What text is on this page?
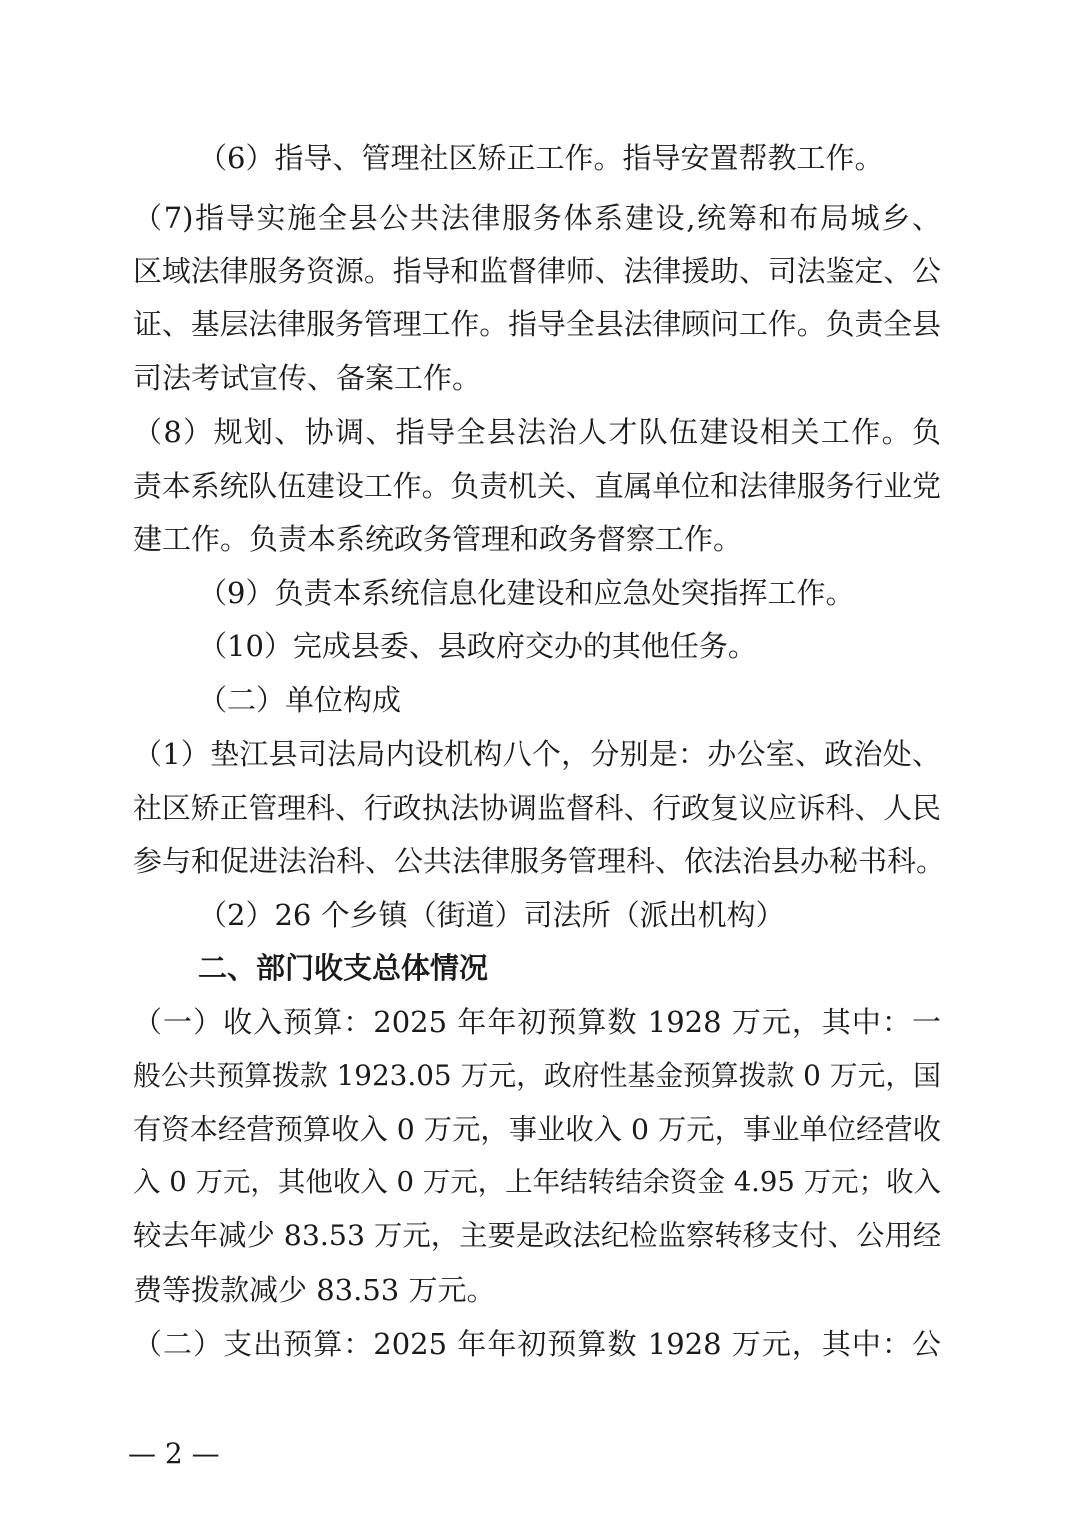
（6）指导、管理社区矫正工作。指导安置帮教工作。
（7)指导实施全县公共法律服务体系建设,统筹和布局城乡、
区域法律服务资源。指导和监督律师、法律援助、司法鉴定、公
证、基层法律服务管理工作。指导全县法律顾问工作。负责全县
司法考试宣传、备案工作。
（8）规划、协调、指导全县法治人才队伍建设相关工作。负
责本系统队伍建设工作。负责机关、直属单位和法律服务行业党
建工作。负责本系统政务管理和政务督察工作。
（9）负责本系统信息化建设和应急处突指挥工作。
（10）完成县委、县政府交办的其他任务。
（二）单位构成
（1）垫江县司法局内设机构八个，分别是：办公室、政治处、
社区矫正管理科、行政执法协调监督科、行政复议应诉科、人民
参与和促进法治科、公共法律服务管理科、依法治县办秘书科。
（2）26 个乡镇（街道）司法所（派出机构）
二、部门收支总体情况
（一）收入预算：2025 年年初预算数 1928 万元，其中：一
般公共预算拨款 1923.05 万元，政府性基金预算拨款 0 万元，国
有资本经营预算收入 0 万元，事业收入 0 万元，事业单位经营收
入 0 万元，其他收入 0 万元，上年结转结余资金 4.95 万元；收入
较去年减少 83.53 万元，主要是政法纪检监察转移支付、公用经
费等拨款减少 83.53 万元。
（二）支出预算：2025 年年初预算数 1928 万元，其中：公
— 2 —
